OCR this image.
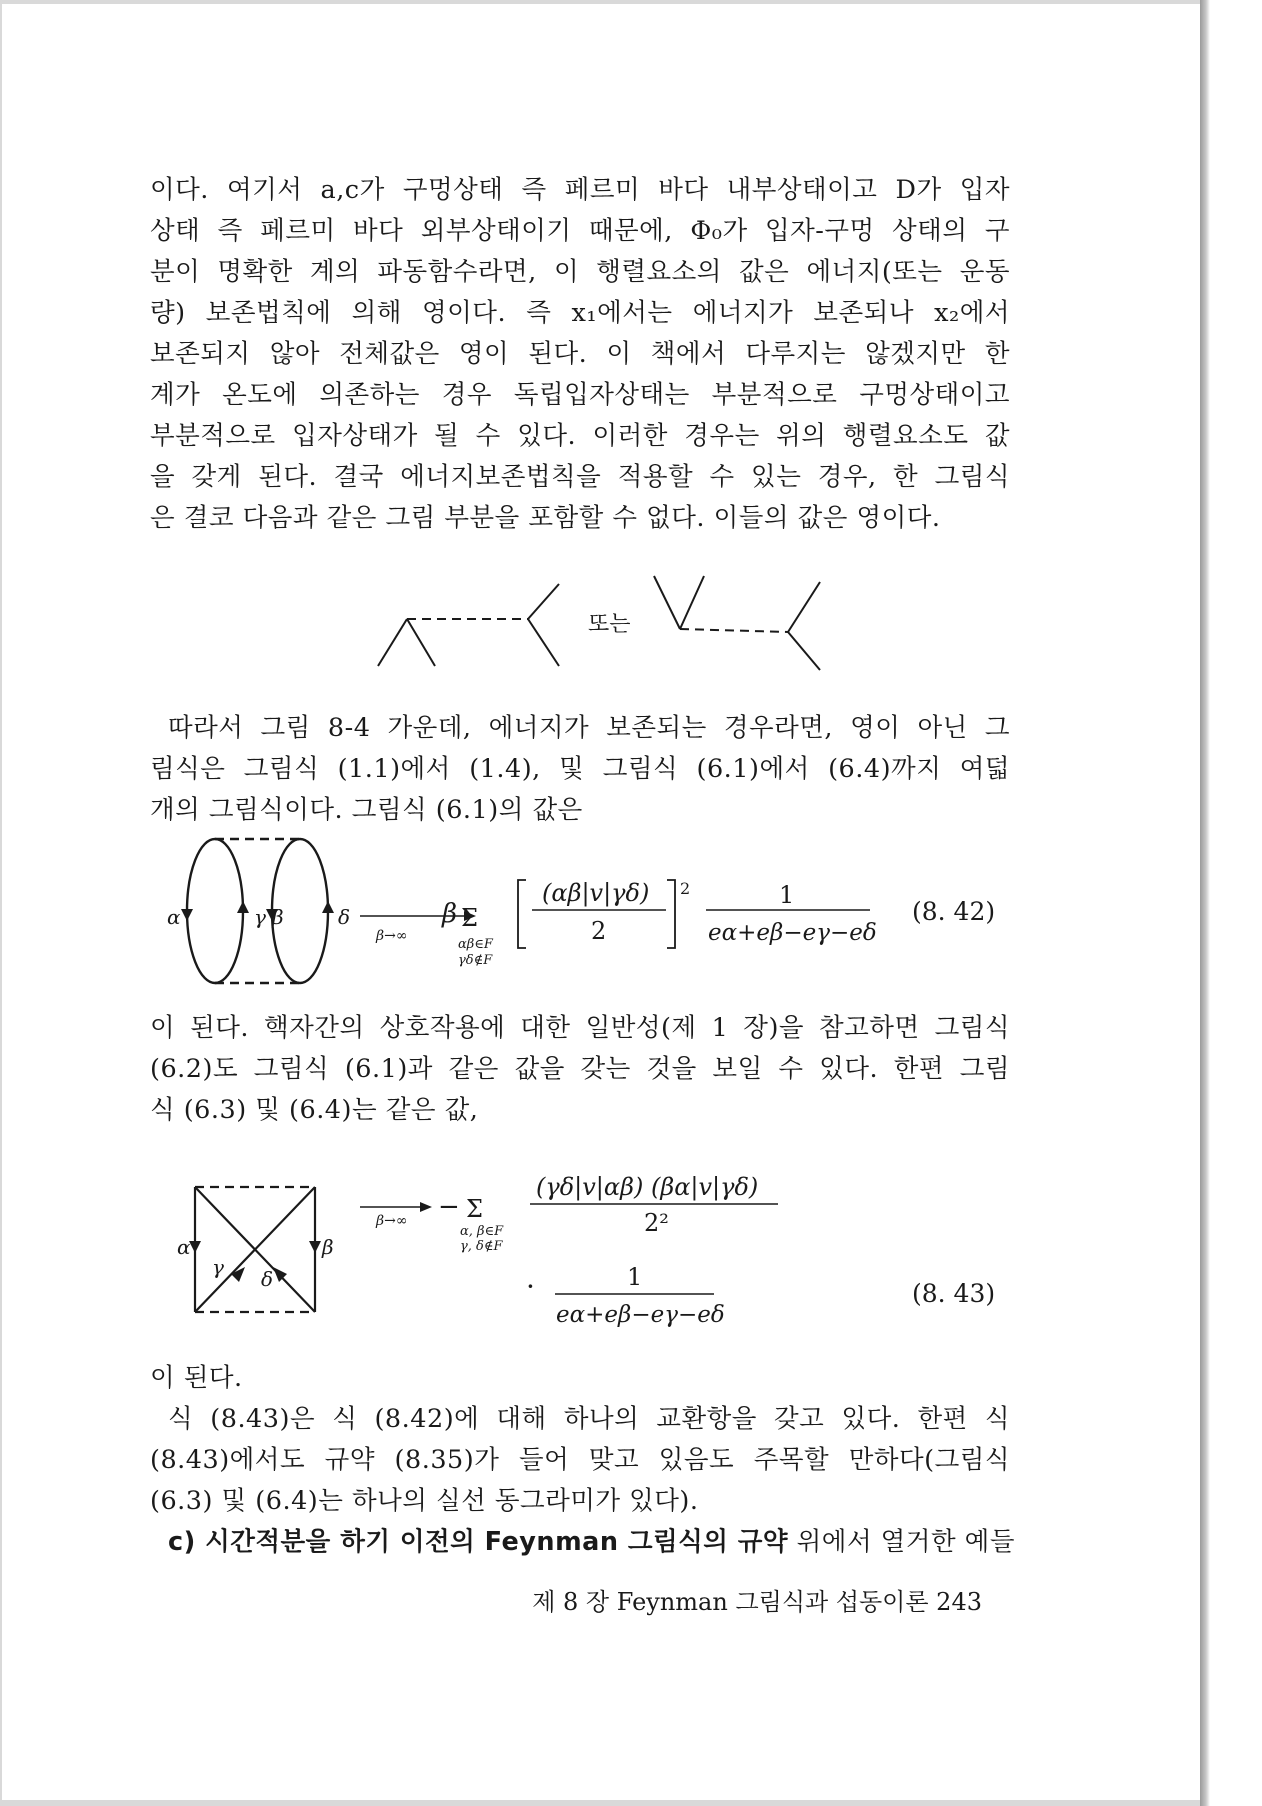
이다. 여기서 a,c가 구멍상태 즉 페르미 바다 내부상태이고 D가 입자
상태 즉 페르미 바다 외부상태이기 때문에, Φ₀가 입자-구멍 상태의 구
분이 명확한 계의 파동함수라면, 이 행렬요소의 값은 에너지(또는 운동
량) 보존법칙에 의해 영이다. 즉 x₁에서는 에너지가 보존되나 x₂에서
보존되지 않아 전체값은 영이 된다. 이 책에서 다루지는 않겠지만 한
계가 온도에 의존하는 경우 독립입자상태는 부분적으로 구멍상태이고
부분적으로 입자상태가 될 수 있다. 이러한 경우는 위의 행렬요소도 값
을 갖게 된다. 결국 에너지보존법칙을 적용할 수 있는 경우, 한 그림식
은 결코 다음과 같은 그림 부분을 포함할 수 없다. 이들의 값은 영이다.
또는
따라서 그림 8-4 가운데, 에너지가 보존되는 경우라면, 영이 아닌 그
림식은 그림식 (1.1)에서 (1.4), 및 그림식 (6.1)에서 (6.4)까지 여덟
개의 그림식이다. 그림식 (6.1)의 값은
α	γ β	δ
β→∞
β Σ
αβ∈F
γδ∉F
(αβ|v|γδ)
2
2	1
eα+eβ−eγ−eδ
(8. 42)
이 된다. 핵자간의 상호작용에 대한 일반성(제 1 장)을 참고하면 그림식
(6.2)도 그림식 (6.1)과 같은 값을 갖는 것을 보일 수 있다. 한편 그림
식 (6.3) 및 (6.4)는 같은 값,
α	β
γ δ
β→∞ − Σ
α, β∈F
γ, δ∉F
(γδ|v|αβ) (βα|v|γδ)
2²
·	1
eα+eβ−eγ−eδ
(8. 43)
이 된다.
식 (8.43)은 식 (8.42)에 대해 하나의 교환항을 갖고 있다. 한편 식
(8.43)에서도 규약 (8.35)가 들어 맞고 있음도 주목할 만하다(그림식
(6.3) 및 (6.4)는 하나의 실선 동그라미가 있다).
c) 시간적분을 하기 이전의 Feynman 그림식의 규약 위에서 열거한 예들
제 8 장 Feynman 그림식과 섭동이론 243
